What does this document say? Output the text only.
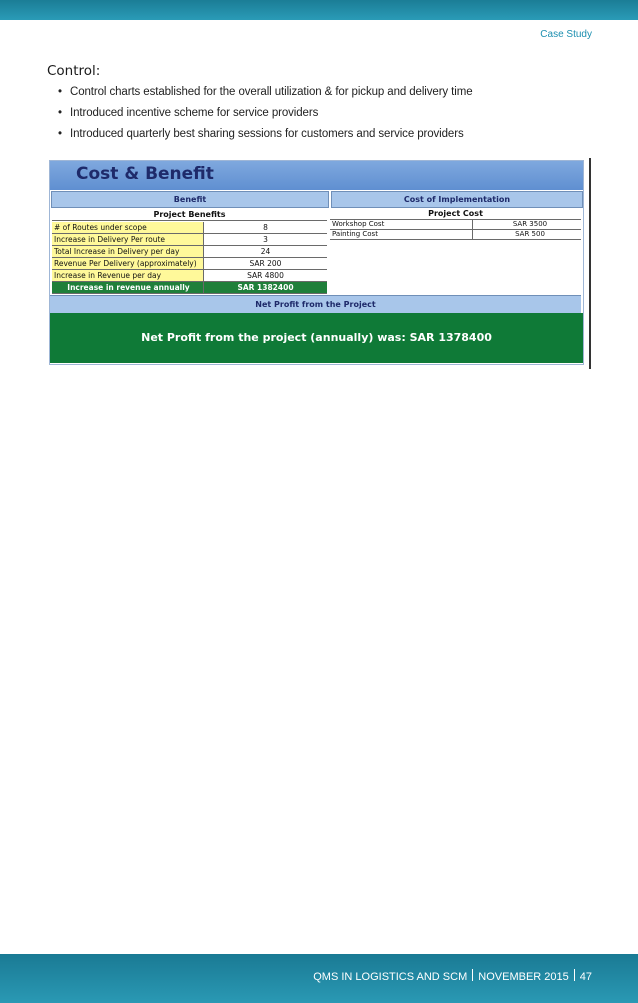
Case Study
Control:
• Control charts established for the overall utilization & for pickup and delivery time
• Introduced incentive scheme for service providers
• Introduced quarterly best sharing sessions for customers and service providers
Cost & Benefit
Benefit	Cost of Implementation
Project Benefits	Project Cost
# of Routes under scope	8
Increase in Delivery Per route	3
Total Increase in Delivery per day	24
Revenue Per Delivery (approximately)	SAR 200
Increase in Revenue per day	SAR 4800
Increase in revenue annually	SAR 1382400
Workshop Cost	SAR 3500
Painting Cost	SAR 500
Net Profit from the Project
Net Profit from the project (annually) was: SAR 1378400
QMS IN LOGISTICS AND SCM NOVEMBER 2015 47
